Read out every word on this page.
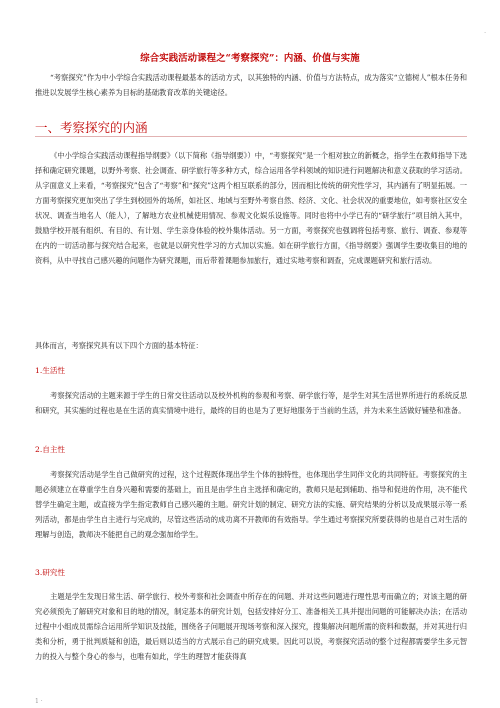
·
综合实践活动课程之“考察探究”：内涵、价值与实施

“考察探究”作为中小学综合实践活动课程最基本的活动方式，以其独特的内涵、价值与方法特点，成为落实“立德树人”根本任务和推进以发展学生核心素养为目标的基础教育改革的关键途径。

一、考察探究的内涵

《中小学综合实践活动课程指导纲要》（以下简称《指导纲要》）中，“考察探究”是一个相对独立的新概念，指学生在教师指导下选择和确定研究课题，以野外考察、社会调查、研学旅行等多种方式，综合运用各学科领域的知识进行问题解决和意义获取的学习活动。从字面意义上来看，“考察探究”包含了“考察”和“探究”这两个相互联系的部分，因而相比传统的研究性学习，其内涵有了明显拓展。一方面考察探究更加突出了学生到校园外的场所，如社区、地域与至野外考察自然、经济、文化、社会状况的重要地位，如考察社区安全状况、调查当地名人（能人），了解地方农业机械使用情况、参观文化娱乐设施等。同时也将中小学已有的“研学旅行”项目纳入其中，鼓励学校开展有组织、有目的、有计划、学生亲身体验的校外集体活动。另一方面，考察探究也强调将包括考察、旅行、调查、参观等在内的一切活动都与探究结合起来，也就是以研究性学习的方式加以实施。如在研学旅行方面，《指导纲要》强调学生要收集目的地的资料，从中寻找自己感兴趣的问题作为研究课题，而后带着课题参加旅行，通过实地考察和调查，完成课题研究和旅行活动。

具体而言，考察探究具有以下四个方面的基本特征：

1.生活性

考察探究活动的主题来源于学生的日常交往活动以及校外机构的参观和考察、研学旅行等，是学生对其生活世界所进行的系统反思和研究，其实施的过程也是在生活的真实情境中进行，最终的目的也是为了更好地服务于当前的生活，并为未来生活做好铺垫和准备。

2.自主性

考察探究活动是学生自己做研究的过程，这个过程既体现出学生个体的独特性，也体现出学生同伴文化的共同特征。考察探究的主题必须建立在尊重学生自身兴趣和需要的基础上，而且是由学生自主选择和确定的，教师只是起到辅助、指导和促进的作用，决不能代替学生确定主题，或直接为学生指定教师自己感兴趣的主题。研究计划的制定、研究方法的实施、研究结果的分析以及成果展示等一系列活动，都是由学生自主进行与完成的，尽管这些活动的成功离不开教师的有效指导。学生通过考察探究所要获得的也是自己对生活的理解与创造，教师决不能把自己的观念强加给学生。

3.研究性

主题是学生发现日常生活、研学旅行、校外考察和社会调查中所存在的问题、并对这些问题进行理性思考而确立的；对该主题的研究必须预先了解研究对象和目的地的情况，制定基本的研究计划，包括安排好分工、准备相关工具并提出问题的可能解决办法；在活动过程中小组成员需综合运用所学知识及技能，围绕各子问题展开现场考察和深入探究，搜集解决问题所需的资料和数据，并对其进行归类和分析，勇于批判质疑和创造，最后则以适当的方式展示自己的研究成果。因此可以说，考察探究活动的整个过程都需要学生多元智力的投入与整个身心的参与，也唯有如此，学生的理智才能获得真

1 ·
